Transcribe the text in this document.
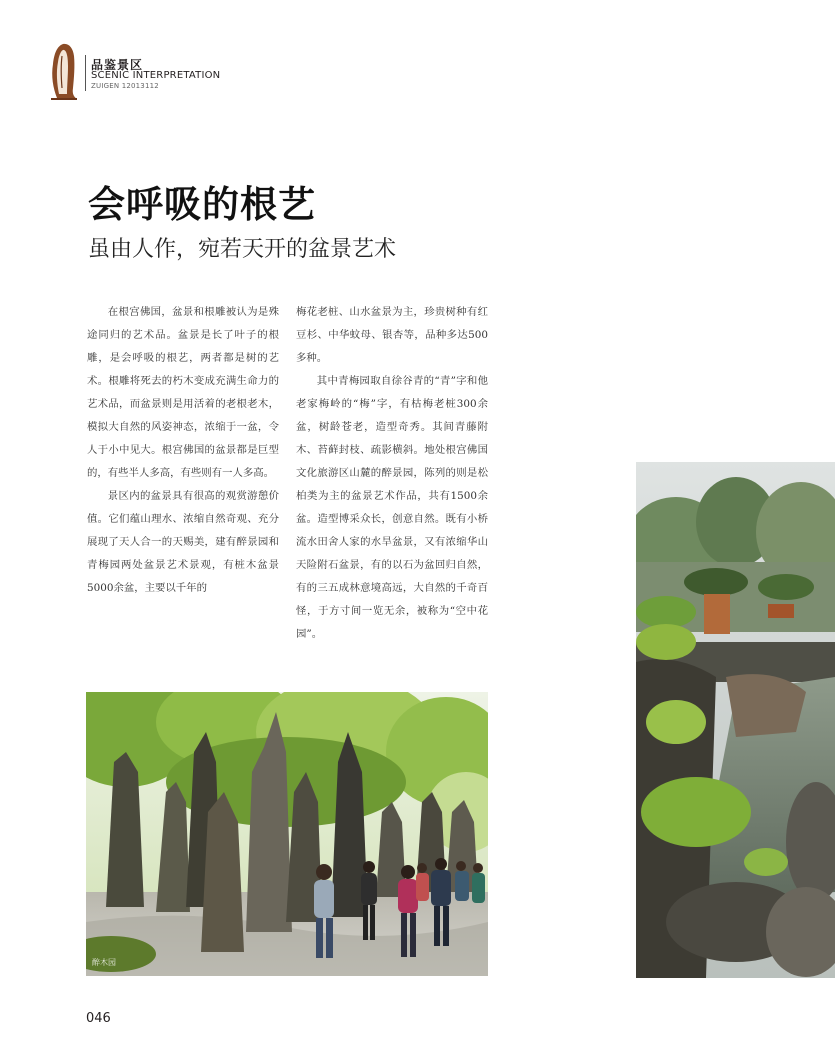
品鉴景区
SCENIC INTERPRETATION
ZUIGEN 12013112
会呼吸的根艺
虽由人作，宛若天开的盆景艺术

在根宫佛国，盆景和根雕被认为是殊途同归的艺术品。盆景是长了叶子的根雕，是会呼吸的根艺，两者都是树的艺术。根雕将死去的朽木变成充满生命力的艺术品，而盆景则是用活着的老根老木，模拟大自然的风姿神态，浓缩于一盆，令人于小中见大。根宫佛国的盆景都是巨型的，有些半人多高，有些则有一人多高。

景区内的盆景具有很高的观赏游憩价值。它们蕴山理水、浓缩自然奇观、充分展现了天人合一的天赐美，建有醉景园和青梅园两处盆景艺术景观，有桩木盆景5000余盆，主要以千年的

梅花老桩、山水盆景为主，珍贵树种有红豆杉、中华蚊母、银杏等，品种多达500多种。

其中青梅园取自徐谷青的“青”字和他老家梅岭的“梅”字，有枯梅老桩300余盆，树龄苍老，造型奇秀。其间青藤附木、苔藓封枝、疏影横斜。地处根宫佛国文化旅游区山麓的醉景园，陈列的则是松柏类为主的盆景艺术作品，共有1500余盆。造型博采众长，创意自然。既有小桥流水田舍人家的水旱盆景，又有浓缩华山天险附石盆景，有的以石为盆回归自然，有的三五成林意境高远，大自然的千奇百怪，于方寸间一览无余，被称为“空中花园”。

醉木园
046
